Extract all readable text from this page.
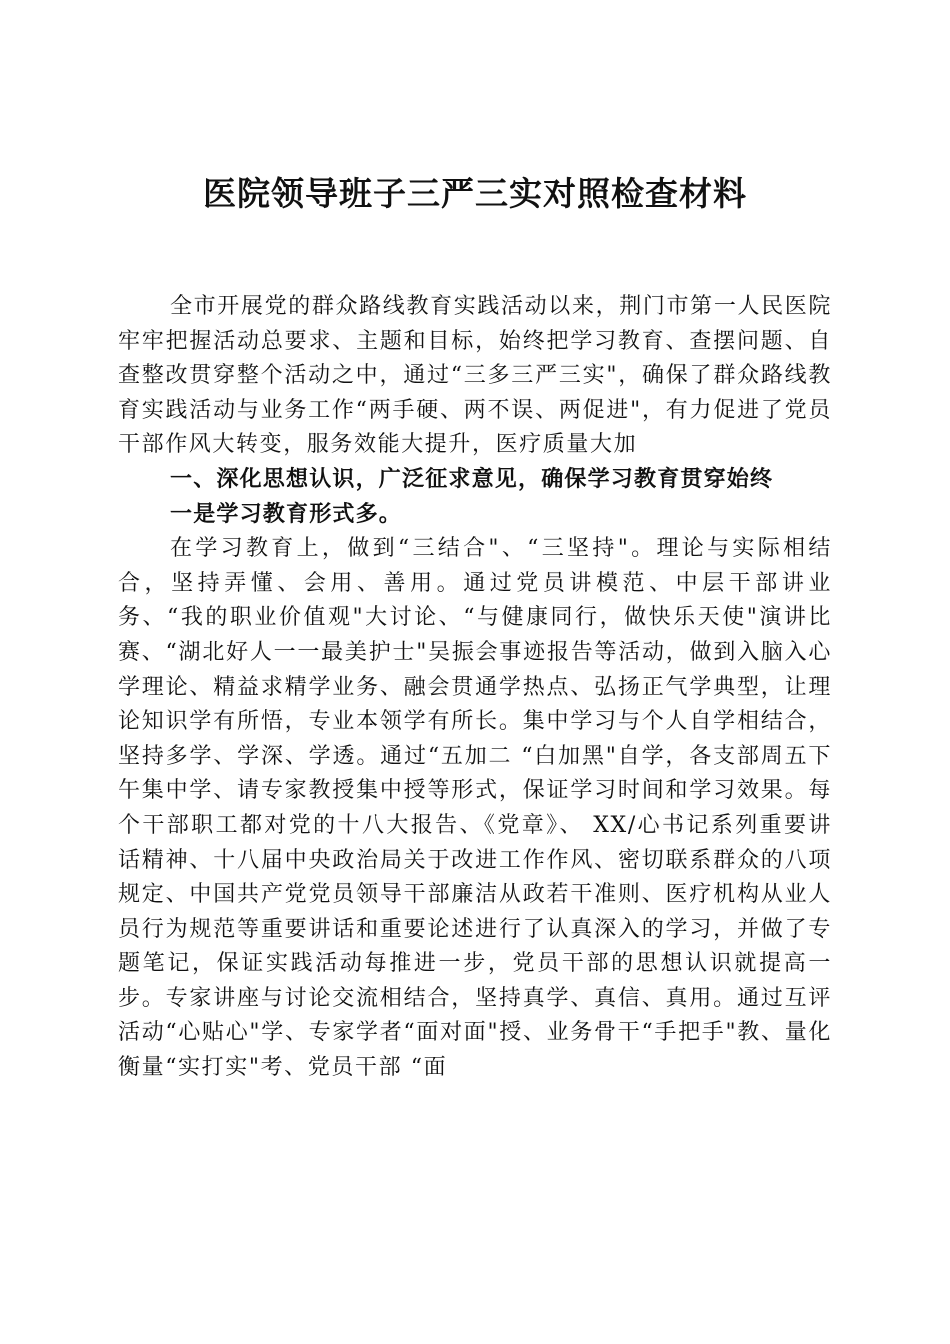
医院领导班子三严三实对照检查材料

全市开展党的群众路线教育实践活动以来，荆门市第一人民医院牢牢把握活动总要求、主题和目标，始终把学习教育、查摆问题、自查整改贯穿整个活动之中，通过“三多三严三实"，确保了群众路线教育实践活动与业务工作“两手硬、两不误、两促进"，有力促进了党员干部作风大转变，服务效能大提升，医疗质量大加

一、深化思想认识，广泛征求意见，确保学习教育贯穿始终

一是学习教育形式多。

在学习教育上，做到“三结合"、“三坚持"。理论与实际相结合，坚持弄懂、会用、善用。通过党员讲模范、中层干部讲业务、“我的职业价值观"大讨论、“与健康同行，做快乐天使"演讲比赛、“湖北好人一一最美护士"吴振会事迹报告等活动，做到入脑入心学理论、精益求精学业务、融会贯通学热点、弘扬正气学典型，让理论知识学有所悟，专业本领学有所长。集中学习与个人自学相结合，坚持多学、学深、学透。通过“五加二 “白加黑"自学，各支部周五下午集中学、请专家教授集中授等形式，保证学习时间和学习效果。每个干部职工都对党的十八大报告、《党章》、 XX/心书记系列重要讲话精神、十八届中央政治局关于改进工作作风、密切联系群众的八项规定、中国共产党党员领导干部廉洁从政若干准则、医疗机构从业人员行为规范等重要讲话和重要论述进行了认真深入的学习，并做了专题笔记，保证实践活动每推进一步，党员干部的思想认识就提高一步。专家讲座与讨论交流相结合，坚持真学、真信、真用。通过互评活动“心贴心"学、专家学者“面对面"授、业务骨干“手把手"教、量化衡量“实打实"考、党员干部 “面
